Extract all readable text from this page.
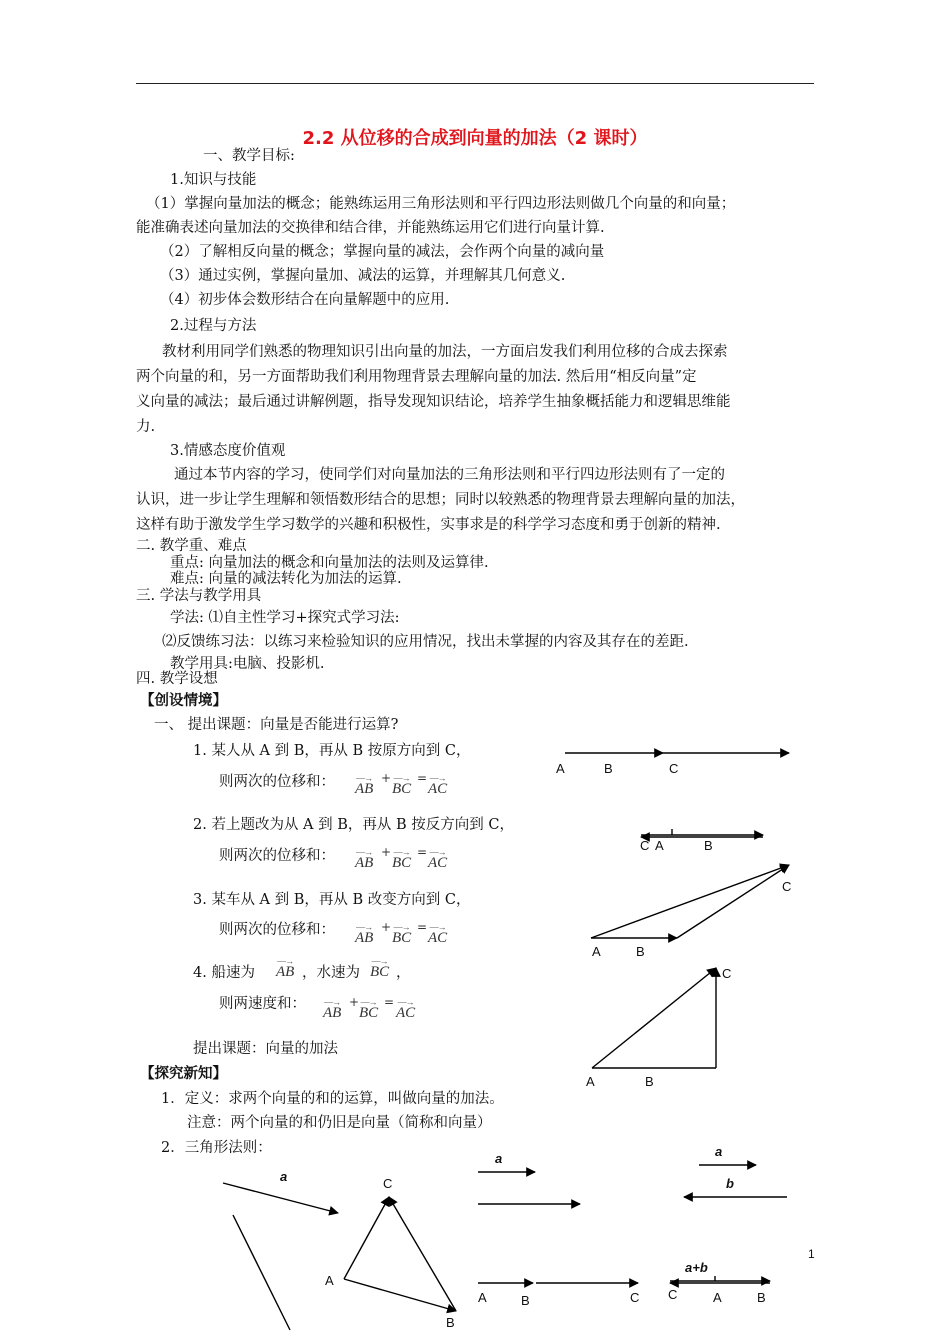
2.2 从位移的合成到向量的加法（2 课时）
一、教学目标:
1.知识与技能
（1）掌握向量加法的概念；能熟练运用三角形法则和平行四边形法则做几个向量的和向量；
能准确表述向量加法的交换律和结合律，并能熟练运用它们进行向量计算.
（2）了解相反向量的概念；掌握向量的减法，会作两个向量的减向量
（3）通过实例，掌握向量加、减法的运算，并理解其几何意义.
（4）初步体会数形结合在向量解题中的应用.
2.过程与方法
教材利用同学们熟悉的物理知识引出向量的加法，一方面启发我们利用位移的合成去探索
两个向量的和，另一方面帮助我们利用物理背景去理解向量的加法. 然后用“相反向量”定
义向量的减法；最后通过讲解例题，指导发现知识结论，培养学生抽象概括能力和逻辑思维能
力.
3.情感态度价值观
通过本节内容的学习，使同学们对向量加法的三角形法则和平行四边形法则有了一定的
认识，进一步让学生理解和领悟数形结合的思想；同时以较熟悉的物理背景去理解向量的加法，
这样有助于激发学生学习数学的兴趣和积极性，实事求是的科学学习态度和勇于创新的精神.
二. 教学重、难点
重点: 向量加法的概念和向量加法的法则及运算律.
难点: 向量的减法转化为加法的运算.
三. 学法与教学用具
学法: ⑴自主性学习+探究式学习法:
⑵反馈练习法：以练习来检验知识的应用情况，找出未掌握的内容及其存在的差距.
教学用具:电脑、投影机.
四. 教学设想
【创设情境】
一、 提出课题：向量是否能进行运算?
1. 某人从 A 到 B，再从 B 按原方向到 C，
则两次的位移和： —→
AB
+ —→
BC
= —→
AC
2. 若上题改为从 A 到 B，再从 B 按反方向到 C，
则两次的位移和： —→
AB
+ —→
BC
= —→
AC
3. 某车从 A 到 B，再从 B 改变方向到 C，
则两次的位移和： —→
AB
+ —→
BC
= —→
AC
4. 船速为
—→
AB ，水速为
—→
BC ，
则两速度和： —→
AB
+ —→
BC
= —→
AC
提出课题：向量的加法
【探究新知】
1．定义：求两个向量的和的运算，叫做向量的加法。
注意：两个向量的和仍旧是向量（简称和向量）
2．三角形法则：
A	B	C
C A	B
C
A	B
C
A	B
a	C
A
B
a
A	B	C
a
b
a+b
C	A	B
1
